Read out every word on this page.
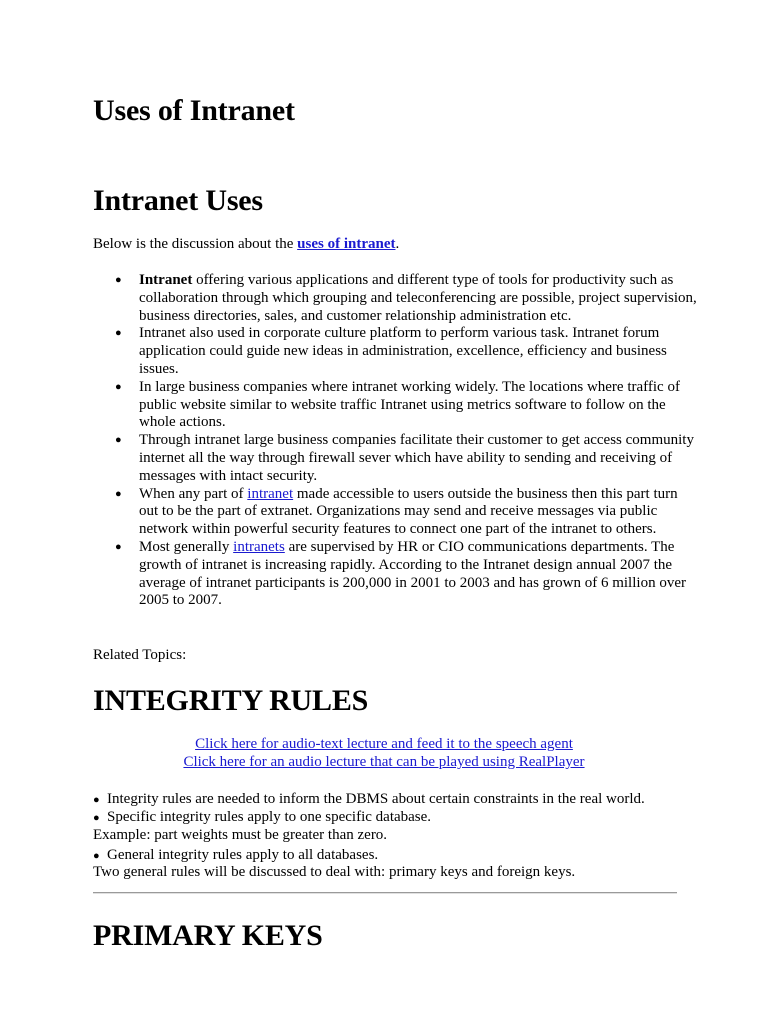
Uses of Intranet
Intranet Uses

Below is the discussion about the uses of intranet.

● Intranet offering various applications and different type of tools for productivity such as collaboration through which grouping and teleconferencing are possible, project supervision, business directories, sales, and customer relationship administration etc.
● Intranet also used in corporate culture platform to perform various task. Intranet forum application could guide new ideas in administration, excellence, efficiency and business issues.
● In large business companies where intranet working widely. The locations where traffic of public website similar to website traffic Intranet using metrics software to follow on the whole actions.
● Through intranet large business companies facilitate their customer to get access community internet all the way through firewall sever which have ability to sending and receiving of messages with intact security.
● When any part of intranet made accessible to users outside the business then this part turn out to be the part of extranet. Organizations may send and receive messages via public network within powerful security features to connect one part of the intranet to others.
● Most generally intranets are supervised by HR or CIO communications departments. The growth of intranet is increasing rapidly. According to the Intranet design annual 2007 the average of intranet participants is 200,000 in 2001 to 2003 and has grown of 6 million over 2005 to 2007.

Related Topics:

INTEGRITY RULES
Click here for audio-text lecture and feed it to the speech agent
Click here for an audio lecture that can be played using RealPlayer
● Integrity rules are needed to inform the DBMS about certain constraints in the real world.
● Specific integrity rules apply to one specific database.

Example: part weights must be greater than zero.

● General integrity rules apply to all databases.

Two general rules will be discussed to deal with: primary keys and foreign keys.

PRIMARY KEYS
